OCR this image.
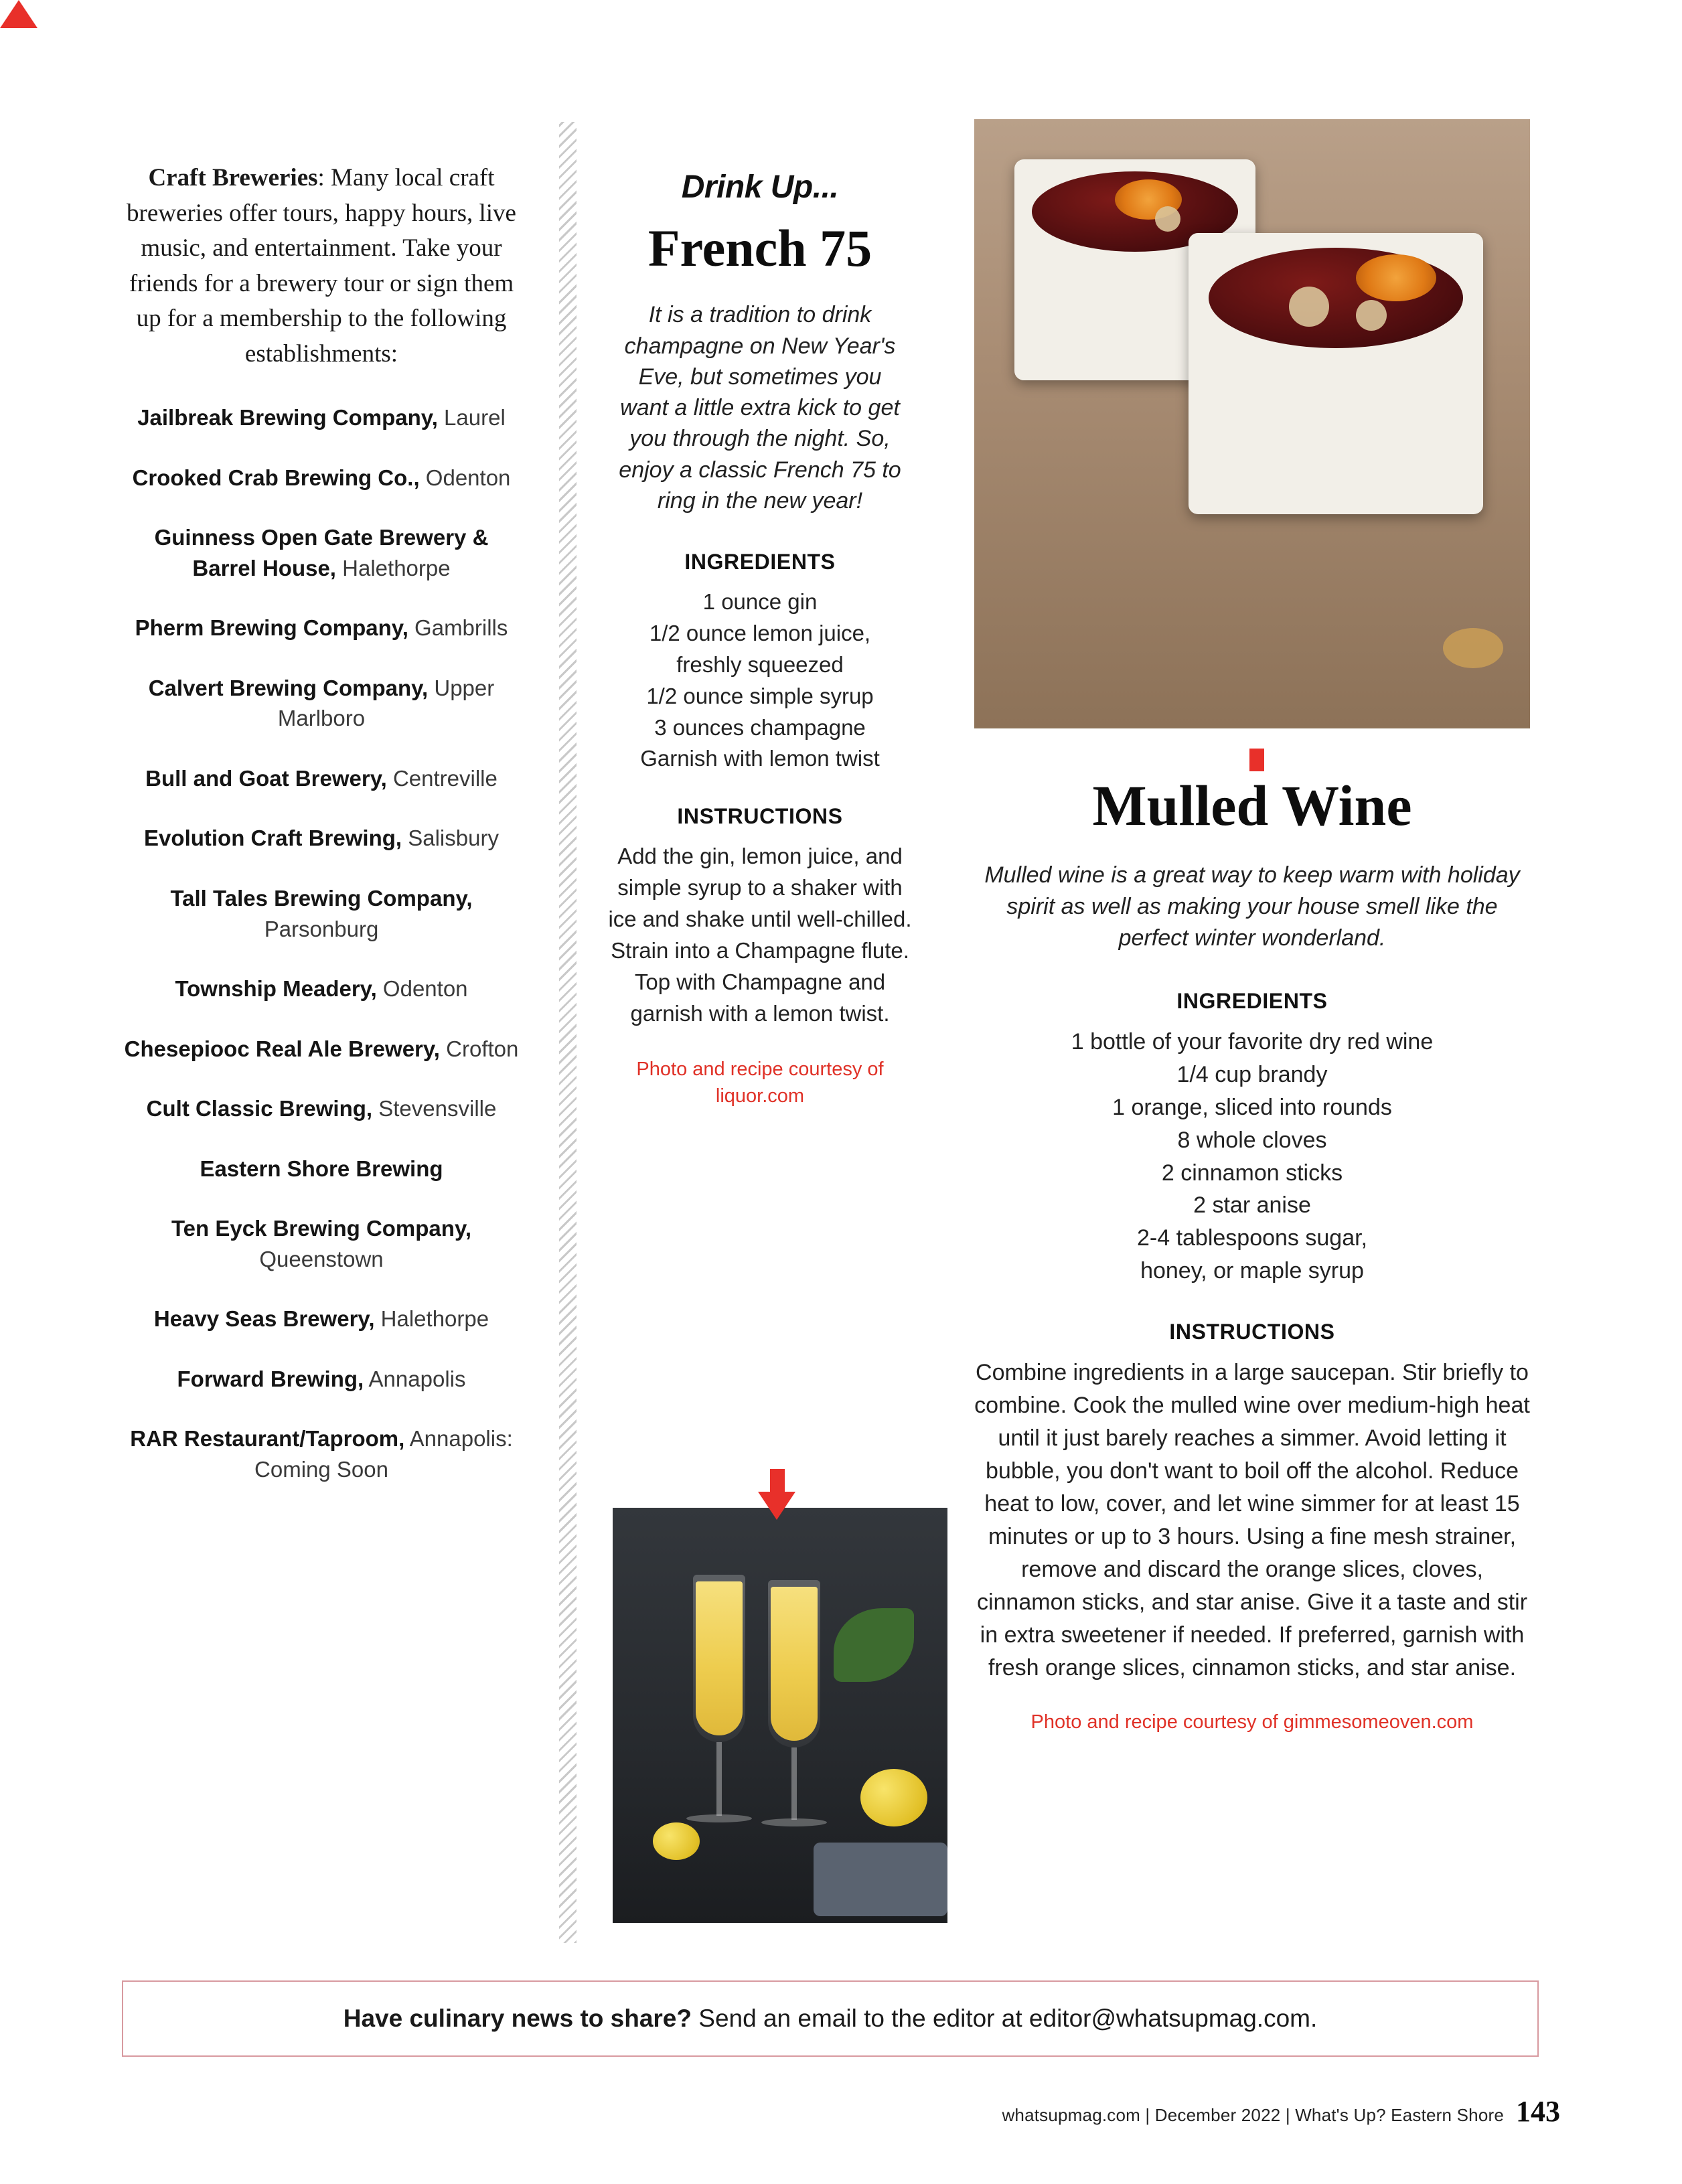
Craft Breweries: Many local craft breweries offer tours, happy hours, live music, and entertainment. Take your friends for a brewery tour or sign them up for a membership to the following establishments:

Jailbreak Brewing Company, Laurel

Crooked Crab Brewing Co., Odenton

Guinness Open Gate Brewery & Barrel House, Halethorpe

Pherm Brewing Company, Gambrills

Calvert Brewing Company, Upper Marlboro

Bull and Goat Brewery, Centreville

Evolution Craft Brewing, Salisbury

Tall Tales Brewing Company, Parsonburg

Township Meadery, Odenton

Chesepiooc Real Ale Brewery, Crofton

Cult Classic Brewing, Stevensville

Eastern Shore Brewing

Ten Eyck Brewing Company, Queenstown

Heavy Seas Brewery, Halethorpe

Forward Brewing, Annapolis

RAR Restaurant/Taproom, Annapolis: Coming Soon

Drink Up...
French 75
It is a tradition to drink champagne on New Year's Eve, but sometimes you want a little extra kick to get you through the night. So, enjoy a classic French 75 to ring in the new year!
INGREDIENTS
1 ounce gin
1/2 ounce lemon juice,
freshly squeezed
1/2 ounce simple syrup
3 ounces champagne
Garnish with lemon twist
INSTRUCTIONS
Add the gin, lemon juice, and simple syrup to a shaker with ice and shake until well-chilled. Strain into a Champagne flute. Top with Champagne and garnish with a lemon twist.
Photo and recipe courtesy of liquor.com
Mulled Wine
Mulled wine is a great way to keep warm with holiday spirit as well as making your house smell like the perfect winter wonderland.
INGREDIENTS
1 bottle of your favorite dry red wine
1/4 cup brandy
1 orange, sliced into rounds
8 whole cloves
2 cinnamon sticks
2 star anise
2-4 tablespoons sugar,
honey, or maple syrup
INSTRUCTIONS
Combine ingredients in a large saucepan. Stir briefly to combine. Cook the mulled wine over medium-high heat until it just barely reaches a simmer. Avoid letting it bubble, you don't want to boil off the alcohol. Reduce heat to low, cover, and let wine simmer for at least 15 minutes or up to 3 hours. Using a fine mesh strainer, remove and discard the orange slices, cloves, cinnamon sticks, and star anise. Give it a taste and stir in extra sweetener if needed. If preferred, garnish with fresh orange slices, cinnamon sticks, and star anise.
Photo and recipe courtesy of gimmesomeoven.com
Have culinary news to share? Send an email to the editor at editor@whatsupmag.com.
whatsupmag.com | December 2022 | What's Up? Eastern Shore 143
